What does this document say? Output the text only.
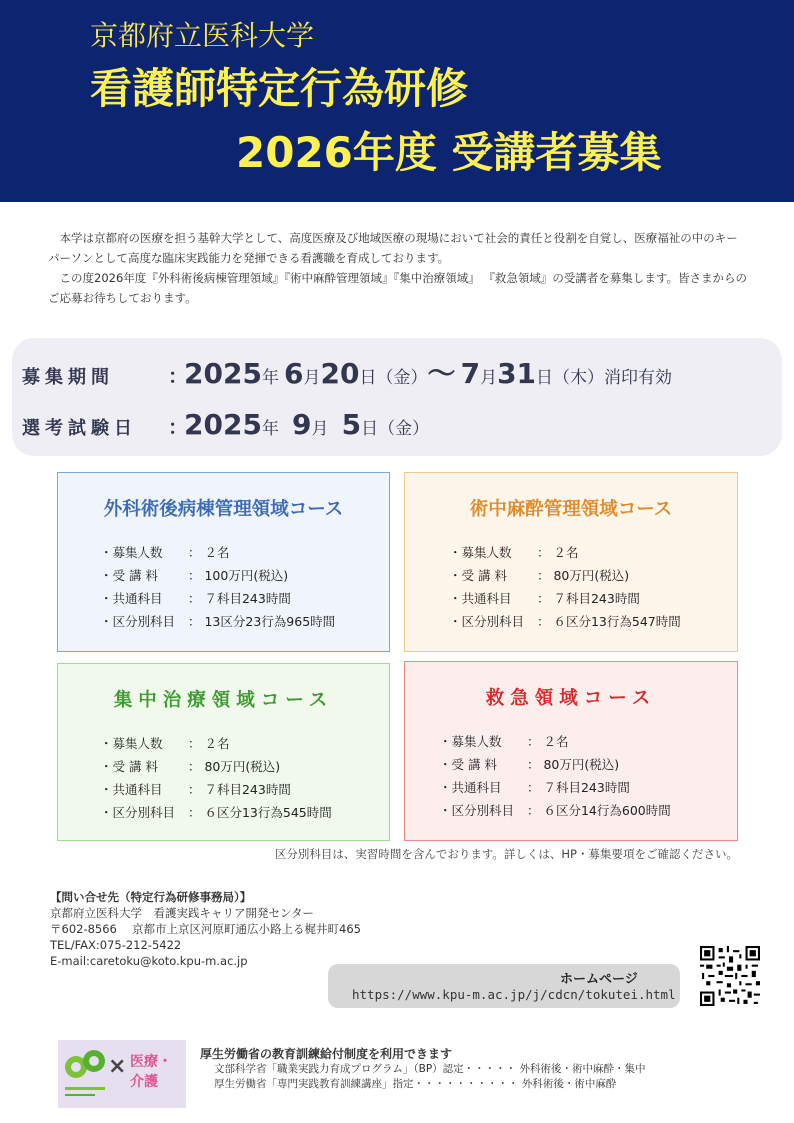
京都府立医科大学
看護師特定行為研修
2026年度 受講者募集

本学は京都府の医療を担う基幹大学として、高度医療及び地域医療の現場において社会的責任と役割を自覚し、医療福祉の中のキーパーソンとして高度な臨床実践能力を発揮できる看護職を育成しております。

この度2026年度『外科術後病棟管理領域』『術中麻酔管理領域』『集中治療領域』 『救急領域』の受講者を募集します。皆さまからのご応募お待ちしております。

募集期間	：2025年 6月20日（金）～ 7月31日（木）消印有効
選考試験日 ：2025年 9月 5日（金）
外科術後病棟管理領域コース
・募集人数 ： ２名
・受 講 料 ： 100万円(税込)
・共通科目 ： ７科目243時間
・区分別科目 ： 13区分23行為965時間
術中麻酔管理領域コース
・募集人数 ： ２名
・受 講 料 ： 80万円(税込)
・共通科目 ： ７科目243時間
・区分別科目 ： ６区分13行為547時間
集中治療領域コース
・募集人数 ： ２名
・受 講 料 ： 80万円(税込)
・共通科目 ： ７科目243時間
・区分別科目 ： ６区分13行為545時間
救急領域コース
・募集人数 ： ２名
・受 講 料 ： 80万円(税込)
・共通科目 ： ７科目243時間
・区分別科目 ： ６区分14行為600時間
区分別科目は、実習時間を含んでおります。詳しくは、HP・募集要項をご確認ください。
【問い合せ先（特定行為研修事務局）】
京都府立医科大学　看護実践キャリア開発センター
〒602-8566　 京都市上京区河原町通広小路上る梶井町465
TEL/FAX:075-212-5422
E-mail:caretoku@koto.kpu-m.ac.jp
ホームページ
https://www.kpu-m.ac.jp/j/cdcn/tokutei.html
× 医療・
介護
厚生労働省の教育訓練給付制度を利用できます
文部科学省「職業実践力育成プログラム」（BP）認定・・・・・ 外科術後・術中麻酔・集中
厚生労働省「専門実践教育訓練講座」指定・・・・・・・・・・ 外科術後・術中麻酔
